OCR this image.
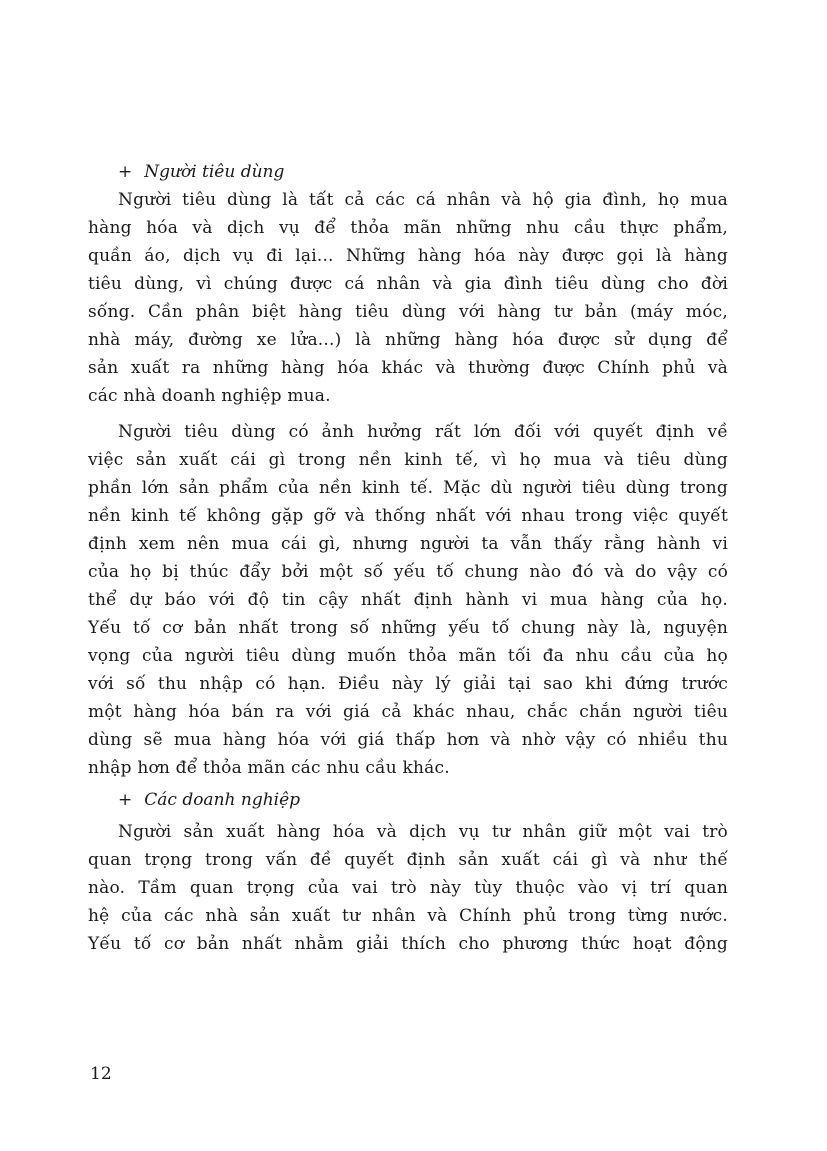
+ Người tiêu dùng
Người tiêu dùng là tất cả các cá nhân và hộ gia đình, họ mua
hàng hóa và dịch vụ để thỏa mãn những nhu cầu thực phẩm,
quần áo, dịch vụ đi lại... Những hàng hóa này được gọi là hàng
tiêu dùng, vì chúng được cá nhân và gia đình tiêu dùng cho đời
sống. Cần phân biệt hàng tiêu dùng với hàng tư bản (máy móc,
nhà máy, đường xe lửa...) là những hàng hóa được sử dụng để
sản xuất ra những hàng hóa khác và thường được Chính phủ và
các nhà doanh nghiệp mua.
Người tiêu dùng có ảnh hưởng rất lớn đối với quyết định về
việc sản xuất cái gì trong nền kinh tế, vì họ mua và tiêu dùng
phần lớn sản phẩm của nền kinh tế. Mặc dù người tiêu dùng trong
nền kinh tế không gặp gỡ và thống nhất với nhau trong việc quyết
định xem nên mua cái gì, nhưng người ta vẫn thấy rằng hành vi
của họ bị thúc đẩy bởi một số yếu tố chung nào đó và do vậy có
thể dự báo với độ tin cậy nhất định hành vi mua hàng của họ.
Yếu tố cơ bản nhất trong số những yếu tố chung này là, nguyện
vọng của người tiêu dùng muốn thỏa mãn tối đa nhu cầu của họ
với số thu nhập có hạn. Điều này lý giải tại sao khi đứng trước
một hàng hóa bán ra với giá cả khác nhau, chắc chắn người tiêu
dùng sẽ mua hàng hóa với giá thấp hơn và nhờ vậy có nhiều thu
nhập hơn để thỏa mãn các nhu cầu khác.
+ Các doanh nghiệp
Người sản xuất hàng hóa và dịch vụ tư nhân giữ một vai trò
quan trọng trong vấn đề quyết định sản xuất cái gì và như thế
nào. Tầm quan trọng của vai trò này tùy thuộc vào vị trí quan
hệ của các nhà sản xuất tư nhân và Chính phủ trong từng nước.
Yếu tố cơ bản nhất nhằm giải thích cho phương thức hoạt động
12
